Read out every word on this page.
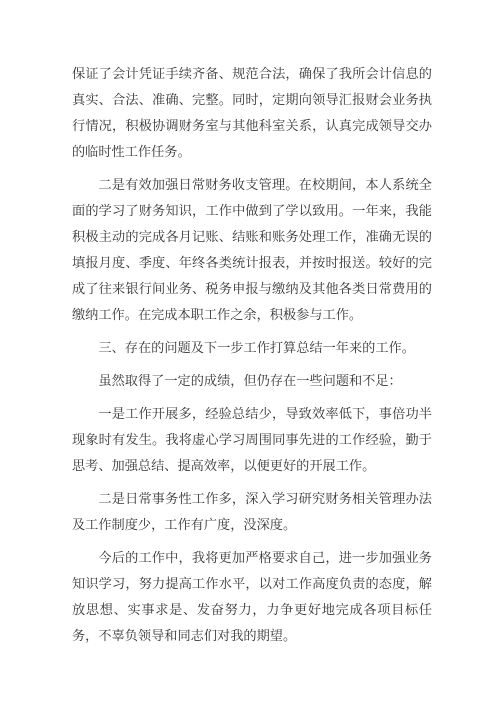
保证了会计凭证手续齐备、规范合法，确保了我所会计信息的真实、合法、准确、完整。同时，定期向领导汇报财会业务执行情况，积极协调财务室与其他科室关系，认真完成领导交办的临时性工作任务。

二是有效加强日常财务收支管理。在校期间，本人系统全面的学习了财务知识，工作中做到了学以致用。一年来，我能积极主动的完成各月记账、结账和账务处理工作，准确无误的填报月度、季度、年终各类统计报表，并按时报送。较好的完成了往来银行间业务、税务申报与缴纳及其他各类日常费用的缴纳工作。在完成本职工作之余，积极参与工作。

三、存在的问题及下一步工作打算总结一年来的工作。

虽然取得了一定的成绩，但仍存在一些问题和不足：

一是工作开展多，经验总结少，导致效率低下，事倍功半现象时有发生。我将虚心学习周围同事先进的工作经验，勤于思考、加强总结、提高效率，以便更好的开展工作。

二是日常事务性工作多，深入学习研究财务相关管理办法及工作制度少，工作有广度，没深度。

今后的工作中，我将更加严格要求自己，进一步加强业务知识学习，努力提高工作水平，以对工作高度负责的态度，解放思想、实事求是、发奋努力，力争更好地完成各项目标任务，不辜负领导和同志们对我的期望。
